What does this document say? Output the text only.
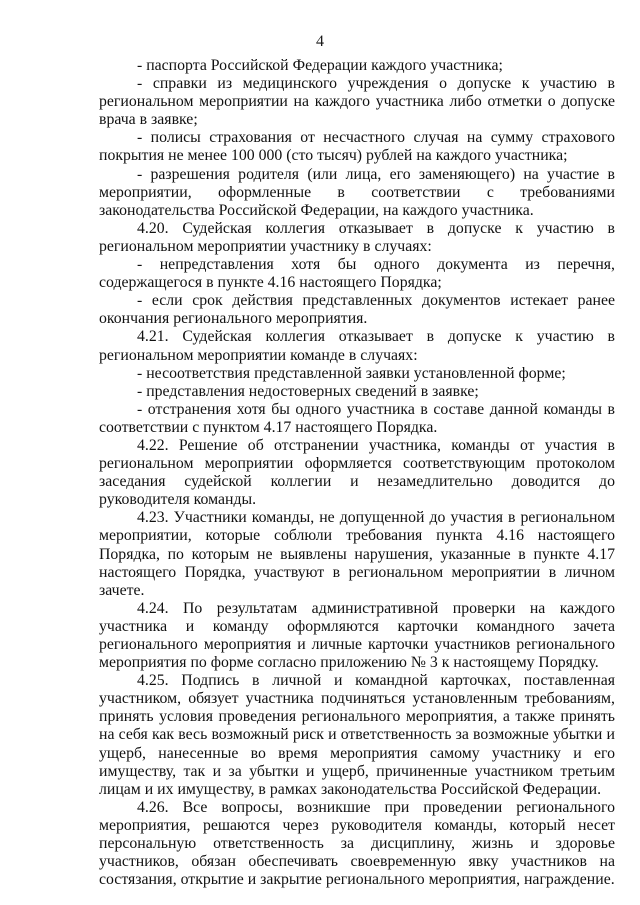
4

- паспорта Российской Федерации каждого участника;

- справки из медицинского учреждения о допуске к участию в региональном мероприятии на каждого участника либо отметки о допуске врача в заявке;

- полисы страхования от несчастного случая на сумму страхового покрытия не менее 100 000 (сто тысяч) рублей на каждого участника;

- разрешения родителя (или лица, его заменяющего) на участие в мероприятии, оформленные в соответствии с требованиями законодательства Российской Федерации, на каждого участника.

4.20. Судейская коллегия отказывает в допуске к участию в региональном мероприятии участнику в случаях:

- непредставления хотя бы одного документа из перечня, содержащегося в пункте 4.16 настоящего Порядка;

- если срок действия представленных документов истекает ранее окончания регионального мероприятия.

4.21. Судейская коллегия отказывает в допуске к участию в региональном мероприятии команде в случаях:

- несоответствия представленной заявки установленной форме;

- представления недостоверных сведений в заявке;

- отстранения хотя бы одного участника в составе данной команды в соответствии с пунктом 4.17 настоящего Порядка.

4.22. Решение об отстранении участника, команды от участия в региональном мероприятии оформляется соответствующим протоколом заседания судейской коллегии и незамедлительно доводится до руководителя команды.

4.23. Участники команды, не допущенной до участия в региональном мероприятии, которые соблюли требования пункта 4.16 настоящего Порядка, по которым не выявлены нарушения, указанные в пункте 4.17 настоящего Порядка, участвуют в региональном мероприятии в личном зачете.

4.24. По результатам административной проверки на каждого участника и команду оформляются карточки командного зачета регионального мероприятия и личные карточки участников регионального мероприятия по форме согласно приложению № 3 к настоящему Порядку.

4.25. Подпись в личной и командной карточках, поставленная участником, обязует участника подчиняться установленным требованиям, принять условия проведения регионального мероприятия, а также принять на себя как весь возможный риск и ответственность за возможные убытки и ущерб, нанесенные во время мероприятия самому участнику и его имуществу, так и за убытки и ущерб, причиненные участником третьим лицам и их имуществу, в рамках законодательства Российской Федерации.

4.26. Все вопросы, возникшие при проведении регионального мероприятия, решаются через руководителя команды, который несет персональную ответственность за дисциплину, жизнь и здоровье участников, обязан обеспечивать своевременную явку участников на состязания, открытие и закрытие регионального мероприятия, награждение.
